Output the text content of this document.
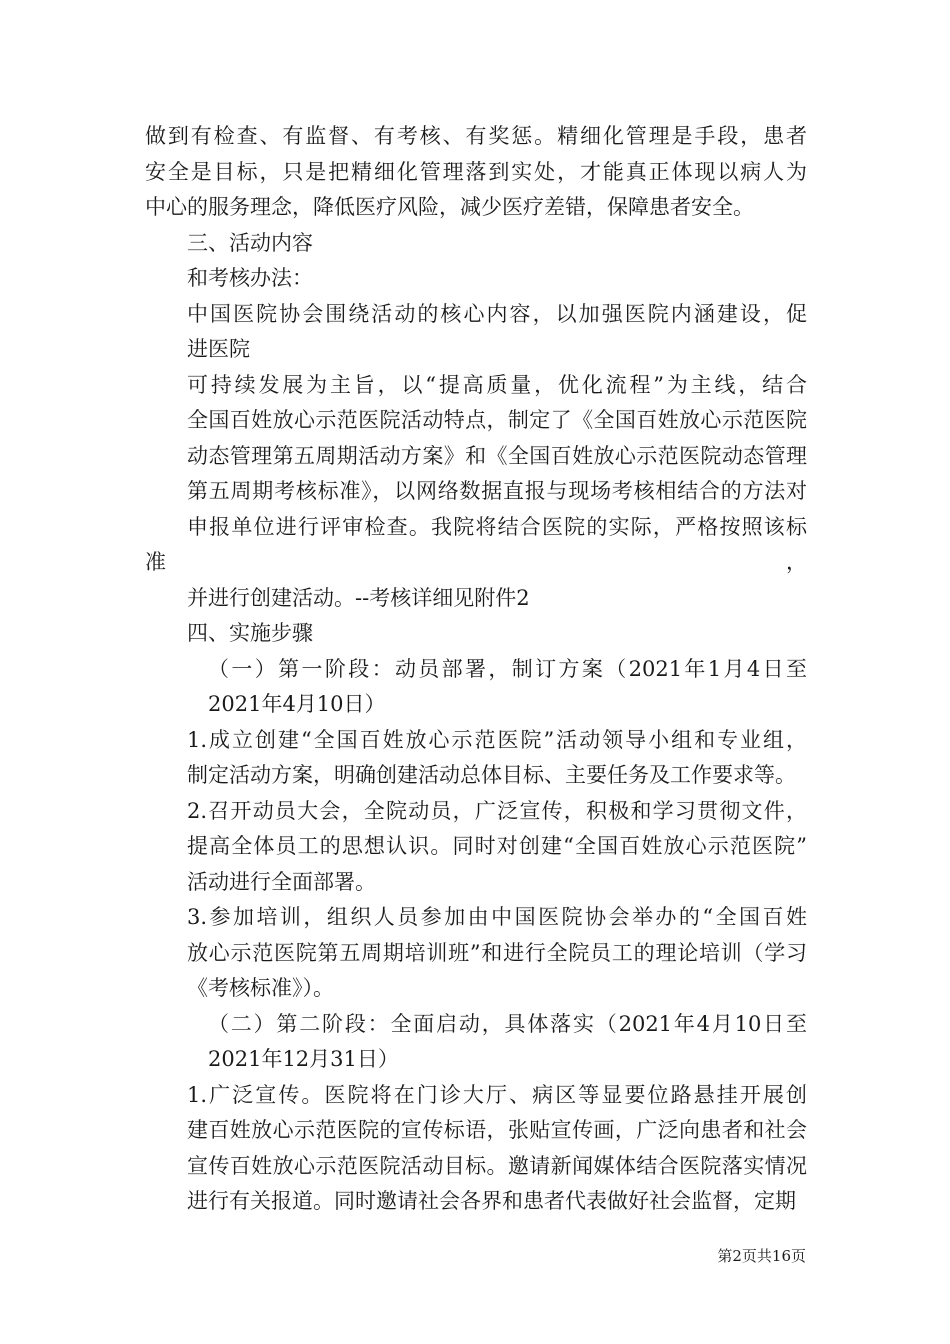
做到有检查、有监督、有考核、有奖惩。精细化管理是手段，患者
安全是目标，只是把精细化管理落到实处，才能真正体现以病人为
中心的服务理念，降低医疗风险，减少医疗差错，保障患者安全。
三、活动内容
和考核办法：
中国医院协会围绕活动的核心内容，以加强医院内涵建设，促
进医院
可持续发展为主旨，以“提高质量，优化流程”为主线，结合
全国百姓放心示范医院活动特点，制定了《全国百姓放心示范医院
动态管理第五周期活动方案》和《全国百姓放心示范医院动态管理
第五周期考核标准》，以网络数据直报与现场考核相结合的方法对
申报单位进行评审检查。我院将结合医院的实际，严格按照该标准，
并进行创建活动。--考核详细见附件2
四、实施步骤
（一）第一阶段：动员部署，制订方案（2021年1月4日至
2021年4月10日）
1.成立创建“全国百姓放心示范医院”活动领导小组和专业组，
制定活动方案，明确创建活动总体目标、主要任务及工作要求等。
2.召开动员大会，全院动员，广泛宣传，积极和学习贯彻文件，
提高全体员工的思想认识。同时对创建“全国百姓放心示范医院”
活动进行全面部署。
3.参加培训，组织人员参加由中国医院协会举办的“全国百姓
放心示范医院第五周期培训班”和进行全院员工的理论培训（学习
《考核标准》）。
（二）第二阶段：全面启动，具体落实（2021年4月10日至
2021年12月31日）
1.广泛宣传。医院将在门诊大厅、病区等显要位路悬挂开展创
建百姓放心示范医院的宣传标语，张贴宣传画，广泛向患者和社会
宣传百姓放心示范医院活动目标。邀请新闻媒体结合医院落实情况
进行有关报道。同时邀请社会各界和患者代表做好社会监督，定期
第2页共16页
